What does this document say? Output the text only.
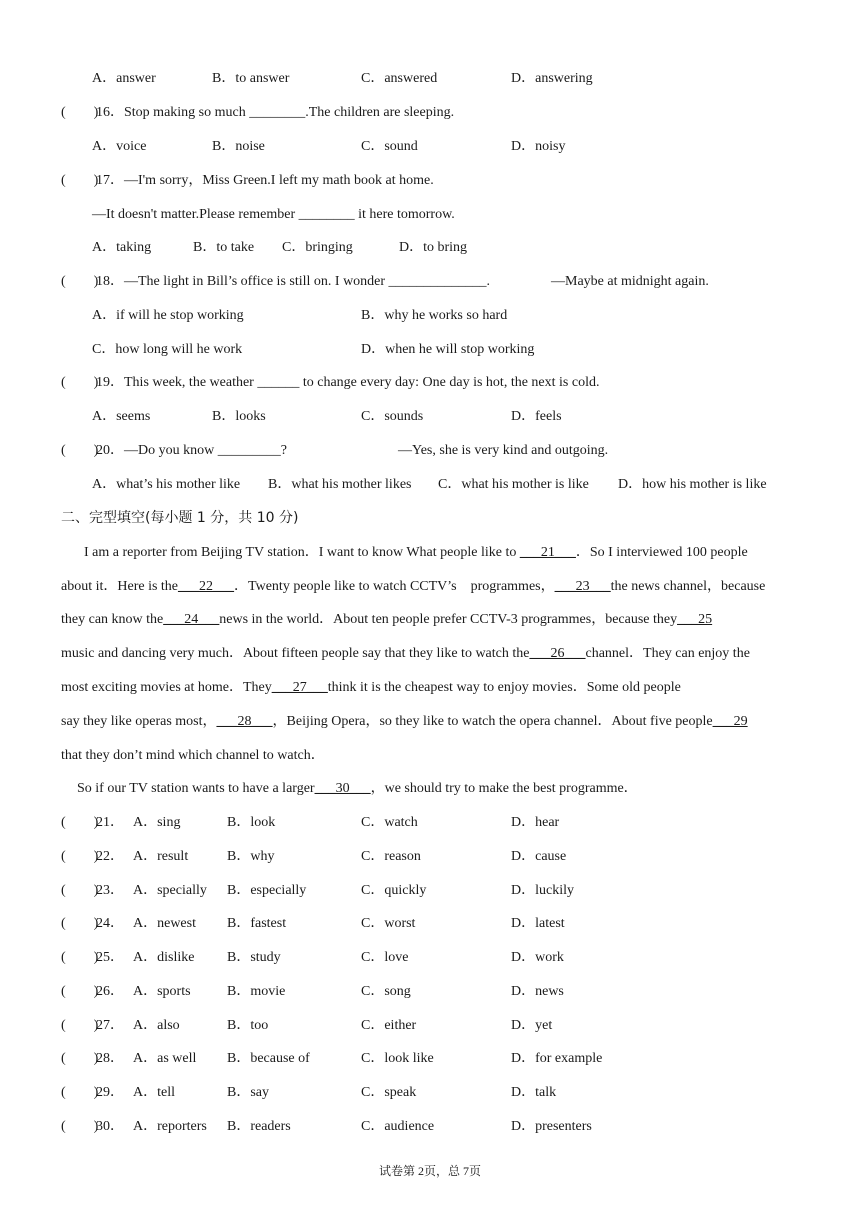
A．answer	B．to answer	C．answered	D．answering
(　　)
16．Stop making so much ________.The children are sleeping.
A．voice	B．noise	C．sound	D．noisy
(　　)
17．—I'm sorry，Miss Green.I left my math book at home.
—It doesn't matter.Please remember ________ it here tomorrow.
A．taking	B．to take C．bringing	D．to bring
(　　)
18．—The light in Bill’s office is still on. I wonder ______________.	—Maybe at midnight again.
A．if will he stop working	B．why he works so hard
C．how long will he work	D．when he will stop working
(　　)
19．This week, the weather ______ to change every day: One day is hot, the next is cold.
A．seems	B．looks	C．sounds	D．feels
(　　)
20．—Do you know _________?	—Yes, she is very kind and outgoing.
A．what’s his mother like B．what his mother likes C．what his mother is like D．how his mother is like
二、完型填空(每小题 1 分，共 10 分)
I am a reporter from Beijing TV station．I want to know What people like to ___21___．So I interviewed 100 people
about it．Here is the___22___．Twenty people like to watch CCTV’s　programmes，___23___the news channel，because
they can know the___24___news in the world．About ten people prefer CCTV-3 programmes，because they___25
music and dancing very much．About fifteen people say that they like to watch the___26___channel．They can enjoy the
most exciting movies at home．They___27___think it is the cheapest way to enjoy movies．Some old people
say they like operas most，___28___，Beijing Opera，so they like to watch the opera channel．About five people___29
that they don’t mind which channel to watch．
So if our TV station wants to have a larger___30___，we should try to make the best programme．
(　　)
21． A．sing	B．look	C．watch	D．hear
(　　)
22． A．result	B．why	C．reason	D．cause
(　　)
23． A．specially B．especially	C．quickly	D．luckily
(　　)
24． A．newest B．fastest	C．worst	D．latest
(　　)
25． A．dislike B．study	C．love	D．work
(　　)
26． A．sports	B．movie	C．song	D．news
(　　)
27． A．also	B．too	C．either	D．yet
(　　)
28． A．as well B．because of	C．look like	D．for example
(　　)
29． A．tell	B．say	C．speak	D．talk
(　　)
30． A．reporters B．readers	C．audience	D．presenters
试卷第 2页，总 7页
